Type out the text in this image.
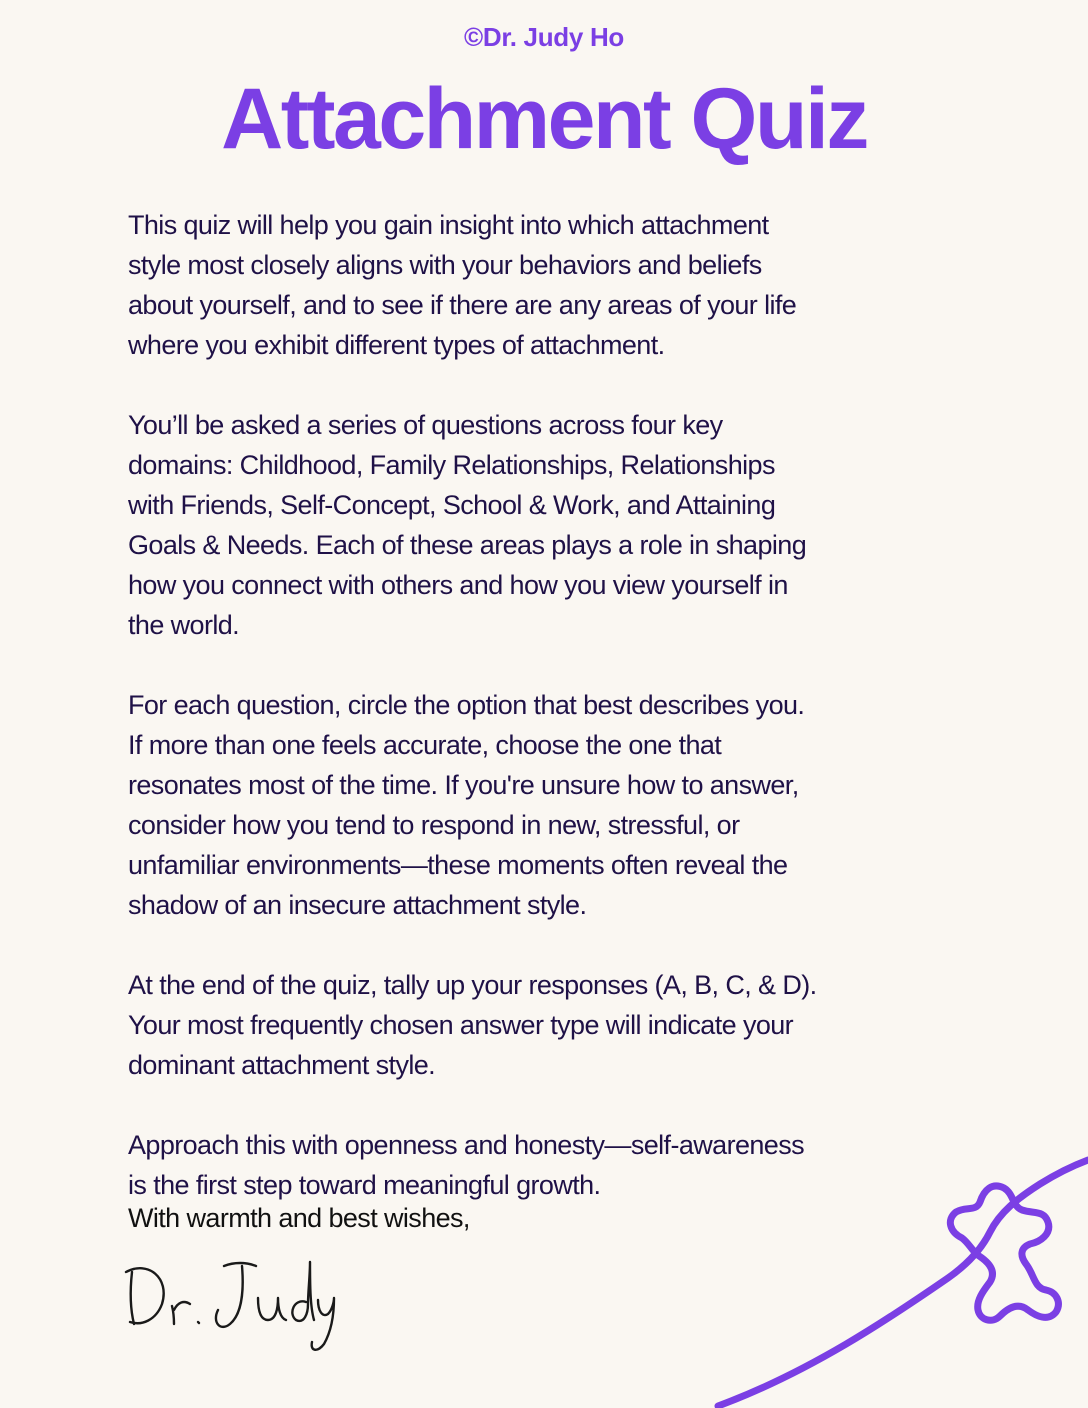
©Dr. Judy Ho
Attachment Quiz

This quiz will help you gain insight into which attachment
style most closely aligns with your behaviors and beliefs
about yourself, and to see if there are any areas of your life
where you exhibit different types of attachment.

You’ll be asked a series of questions across four key
domains: Childhood, Family Relationships, Relationships
with Friends, Self-Concept, School & Work, and Attaining
Goals & Needs. Each of these areas plays a role in shaping
how you connect with others and how you view yourself in
the world.

For each question, circle the option that best describes you.
If more than one feels accurate, choose the one that
resonates most of the time. If you're unsure how to answer,
consider how you tend to respond in new, stressful, or
unfamiliar environments—these moments often reveal the
shadow of an insecure attachment style.

At the end of the quiz, tally up your responses (A, B, C, & D).
Your most frequently chosen answer type will indicate your
dominant attachment style.

Approach this with openness and honesty—self-awareness
is the first step toward meaningful growth.

With warmth and best wishes,
